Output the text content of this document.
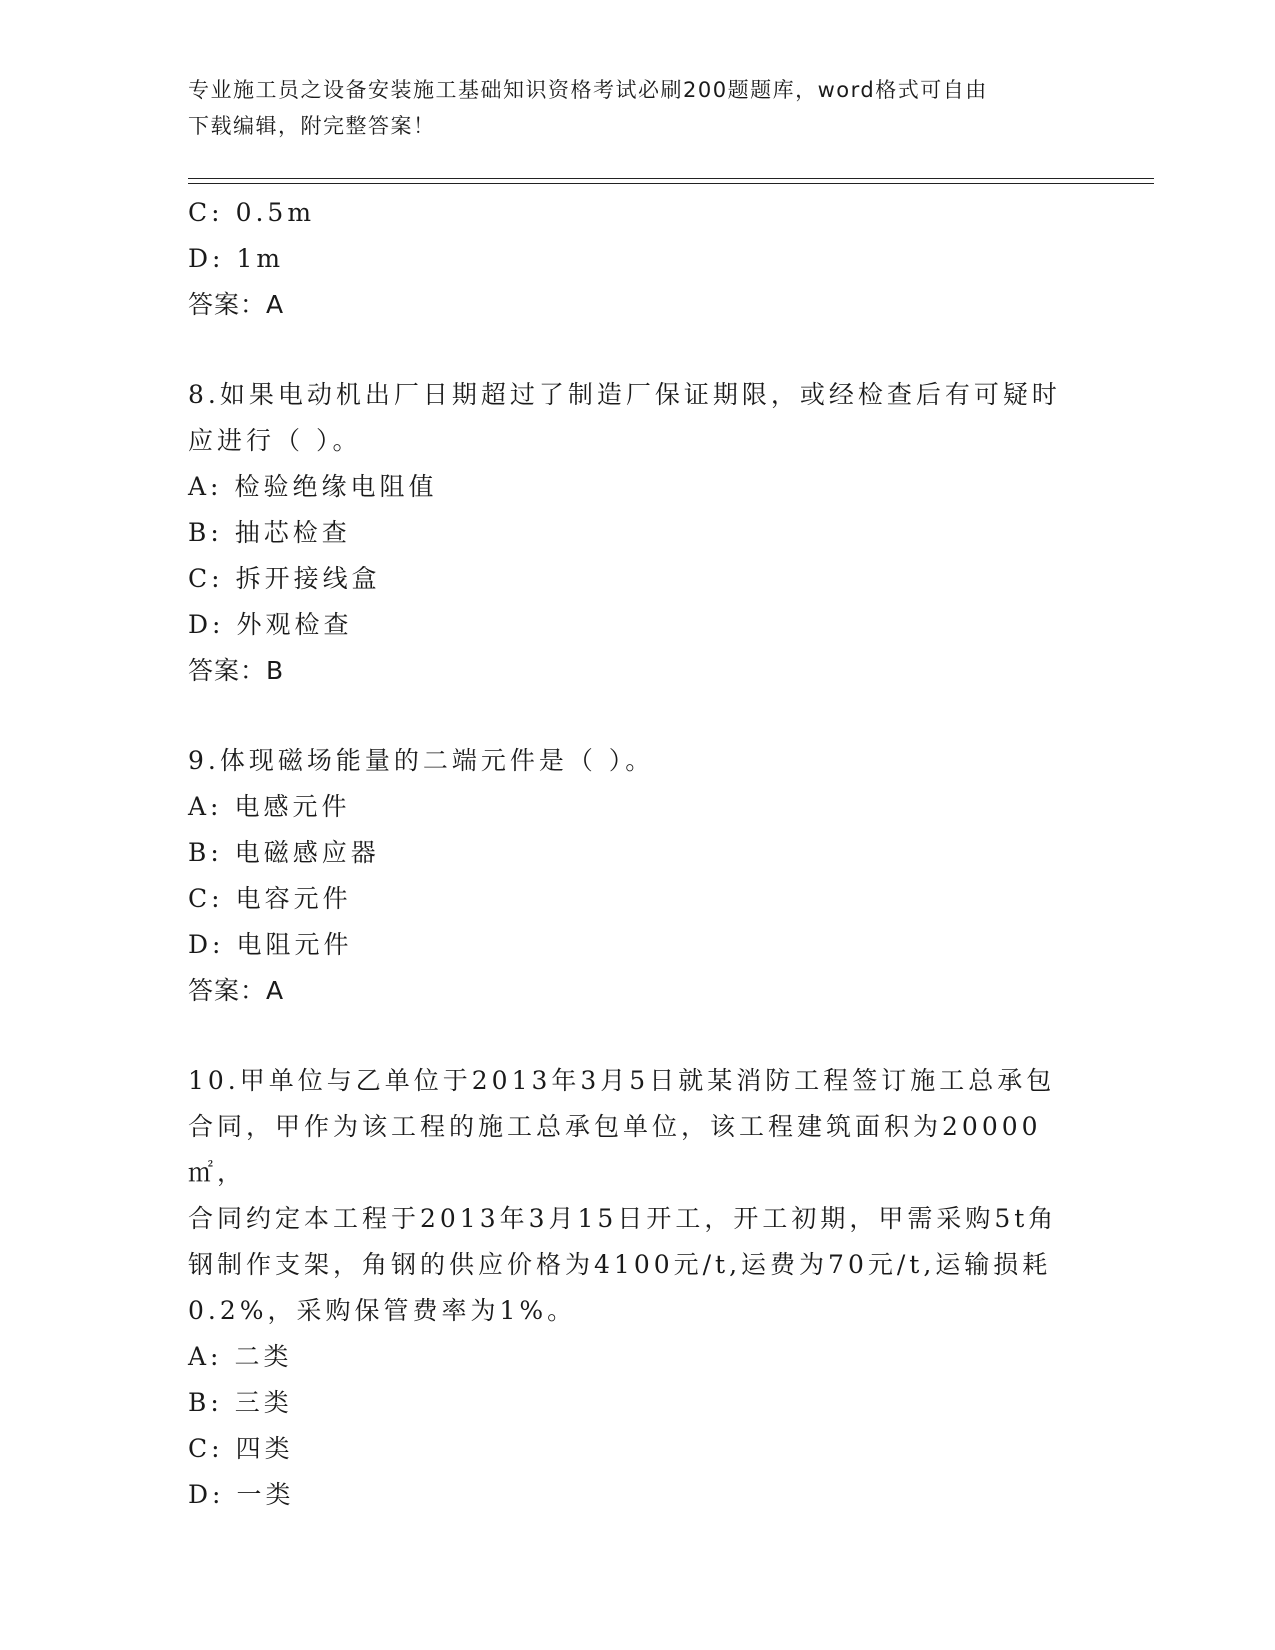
专业施工员之设备安装施工基础知识资格考试必刷200题题库，word格式可自由
下载编辑，附完整答案！
C: 0.5m
D: 1m
答案：A
8.如果电动机出厂日期超过了制造厂保证期限，或经检查后有可疑时
应进行（ ）。
A: 检验绝缘电阻值
B: 抽芯检查
C: 拆开接线盒
D: 外观检查
答案：B
9.体现磁场能量的二端元件是（ ）。
A: 电感元件
B: 电磁感应器
C: 电容元件
D: 电阻元件
答案：A
10.甲单位与乙单位于2013年3月5日就某消防工程签订施工总承包
合同，甲作为该工程的施工总承包单位，该工程建筑面积为20000㎡，
合同约定本工程于2013年3月15日开工，开工初期，甲需采购5t角
钢制作支架，角钢的供应价格为4100元/t,运费为70元/t,运输损耗
0.2%，采购保管费率为1%。
A: 二类
B: 三类
C: 四类
D: 一类
